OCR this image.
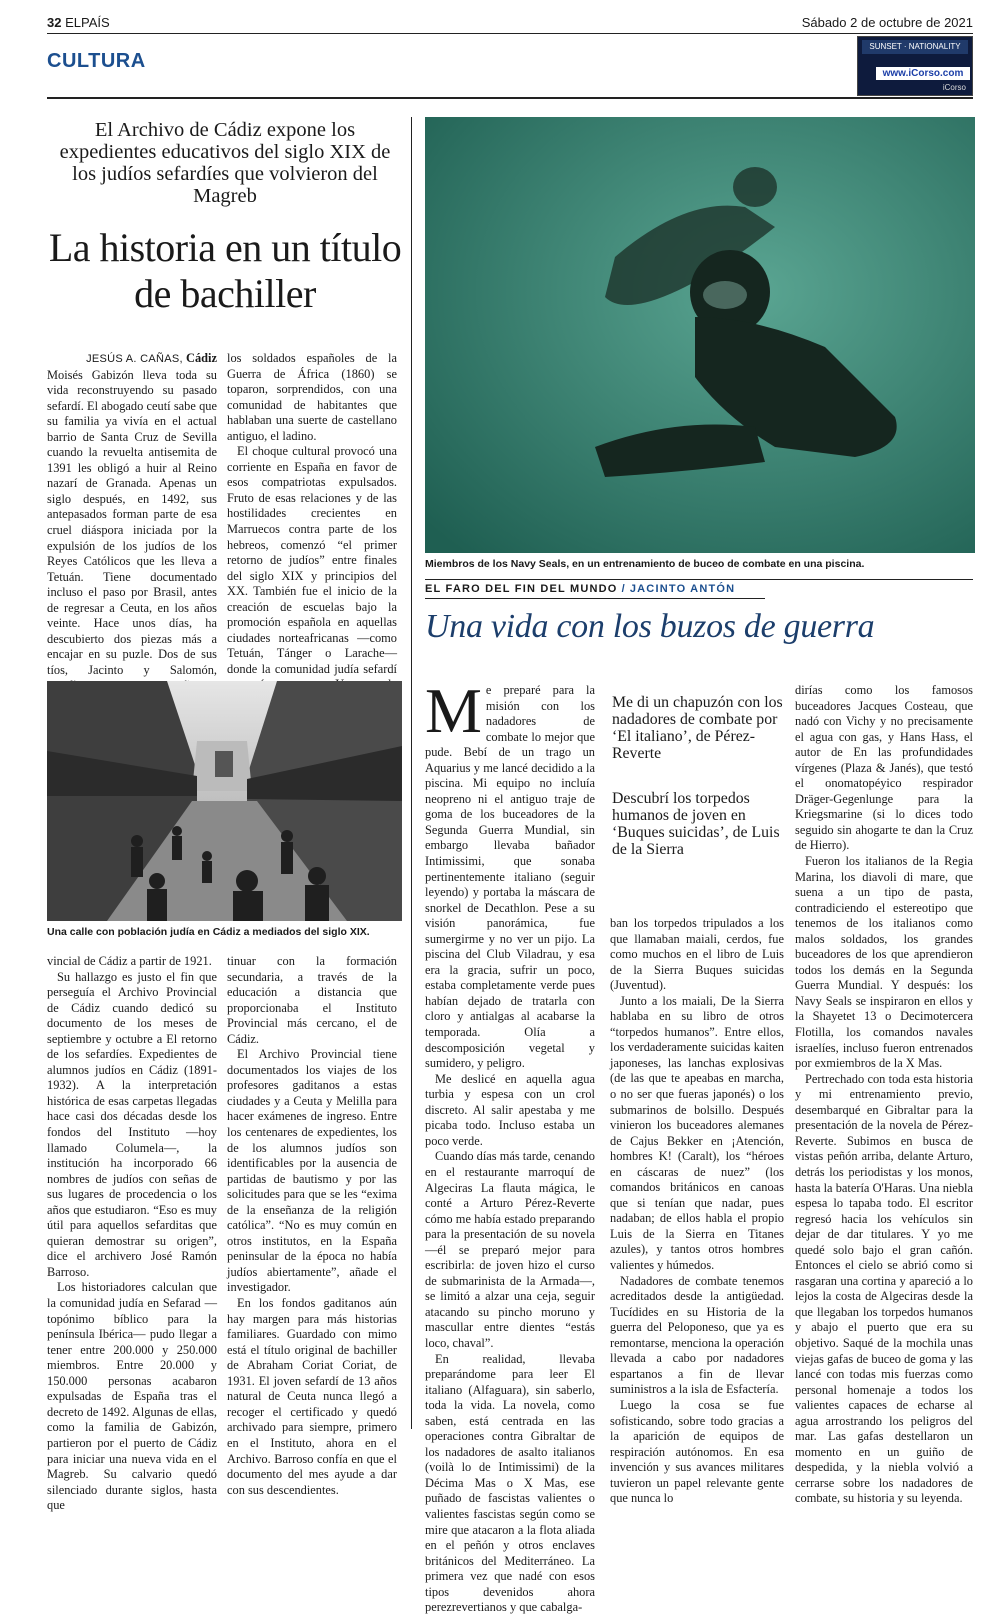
32 ELPAÍS	Sábado 2 de octubre de 2021
CULTURA
SUNSET · NATIONALITY
www.iCorso.com
iCorso
El Archivo de Cádiz expone los expedientes educativos del siglo XIX de los judíos sefardíes que volvieron del Magreb
La historia en un título de bachiller

JESÚS A. CAÑAS, Cádiz

Moisés Gabizón lleva toda su vida reconstruyendo su pasado sefardí. El abogado ceutí sabe que su familia ya vivía en el actual barrio de Santa Cruz de Sevilla cuando la revuelta antisemita de 1391 les obligó a huir al Reino nazarí de Granada. Apenas un siglo después, en 1492, sus antepasados forman parte de esa cruel diáspora iniciada por la expulsión de los judíos de los Reyes Católicos que les lleva a Tetuán. Tiene documentado incluso el paso por Brasil, antes de regresar a Ceuta, en los años veinte. Hace unos días, ha descubierto dos piezas más a encajar en su puzle. Dos de sus tíos, Jacinto y Salomón,

los soldados españoles de la Guerra de África (1860) se toparon, sorprendidos, con una comunidad de habitantes que hablaban una suerte de castellano antiguo, el ladino.

El choque cultural provocó una corriente en España en favor de esos compatriotas expulsados. Fruto de esas relaciones y de las hostilidades crecientes en Marruecos contra parte de los hebreos, comenzó “el primer retorno de judíos” entre finales del siglo XIX y principios del XX. También fue el inicio de la creación de escuelas bajo la promoción española en aquellas ciudades norteafricanas —como Tetuán, Tánger o Larache— donde la comunidad judía sefardí

Una calle con población judía en Cádiz a mediados del siglo XIX.

vincial de Cádiz a partir de 1921.

Su hallazgo es justo el fin que perseguía el Archivo Provincial de Cádiz cuando dedicó su documento de los meses de septiembre y octubre a El retorno de los sefardíes. Expedientes de alumnos judíos en Cádiz (1891-1932). A la interpretación histórica de esas carpetas llegadas hace casi dos décadas desde los fondos del Instituto —hoy llamado Columela—, la institución ha incorporado 66 nombres de judíos con señas de sus lugares de procedencia o los años que estudiaron. “Eso es muy útil para aquellos sefarditas que quieran demostrar su origen”, dice el archivero José Ramón Barroso.

Los historiadores calculan que la comunidad judía en Sefarad —topónimo bíblico para la península Ibérica— pudo llegar a tener entre 200.000 y 250.000 miembros. Entre 20.000 y 150.000 personas acabaron expulsadas de España tras el decreto de 1492. Algunas de ellas, como la familia de Gabizón, partieron por el puerto de Cádiz para iniciar una nueva vida en el Magreb. Su calvario quedó silenciado durante siglos, hasta que

tinuar con la formación secundaria, a través de la educación a distancia que proporcionaba el Instituto Provincial más cercano, el de Cádiz.

El Archivo Provincial tiene documentados los viajes de los profesores gaditanos a estas ciudades y a Ceuta y Melilla para hacer exámenes de ingreso. Entre los centenares de expedientes, los de los alumnos judíos son identificables por la ausencia de partidas de bautismo y por las solicitudes para que se les “exima de la enseñanza de la religión católica”. “No es muy común en otros institutos, en la España peninsular de la época no había judíos abiertamente”, añade el investigador.

En los fondos gaditanos aún hay margen para más historias familiares. Guardado con mimo está el título original de bachiller de Abraham Coriat Coriat, de 1931. El joven sefardí de 13 años natural de Ceuta nunca llegó a recoger el certificado y quedó archivado para siempre, primero en el Instituto, ahora en el Archivo. Barroso confía en que el documento del mes ayude a dar con sus descendientes.

Miembros de los Navy Seals, en un entrenamiento de buceo de combate en una piscina.
EL FARO DEL FIN DEL MUNDO / JACINTO ANTÓN
Una vida con los buzos de guerra

Me preparé para la misión con los nadadores de combate lo mejor que pude. Bebí de un trago un Aquarius y me lancé decidido a la piscina. Mi equipo no incluía neopreno ni el antiguo traje de goma de los buceadores de la Segunda Guerra Mundial, sin embargo llevaba bañador Intimissimi, que sonaba pertinentemente italiano (seguir leyendo) y portaba la máscara de snorkel de Decathlon. Pese a su visión panorámica, fue sumergirme y no ver un pijo. La piscina del Club Viladrau, y esa era la gracia, sufrir un poco, estaba completamente verde pues habían dejado de tratarla con cloro y antialgas al acabarse la temporada. Olía a descomposición vegetal y sumidero, y peligro.

Me deslicé en aquella agua turbia y espesa con un crol discreto. Al salir apestaba y me picaba todo. Incluso estaba un poco verde.

Cuando días más tarde, cenando en el restaurante marroquí de Algeciras La flauta mágica, le conté a Arturo Pérez-Reverte cómo me había estado preparando para la presentación de su novela —él se preparó mejor para escribirla: de joven hizo el curso de submarinista de la Armada—, se limitó a alzar una ceja, seguir atacando su pincho moruno y mascullar entre dientes “estás loco, chaval”.

En realidad, llevaba preparándome para leer El italiano (Alfaguara), sin saberlo, toda la vida. La novela, como saben, está centrada en las operaciones contra Gibraltar de los nadadores de asalto italianos (voilà lo de Intimissimi) de la Décima Mas o X Mas, ese puñado de fascistas valientes o valientes fascistas según como se mire que atacaron a la flota aliada en el peñón y otros enclaves británicos del Mediterráneo. La primera vez que nadé con esos tipos devenidos ahora perezrevertianos y que cabalga-

Me di un chapuzón con los nadadores de combate por ‘El italiano’, de Pérez-Reverte
Descubrí los torpedos humanos de joven en ‘Buques suicidas’, de Luis de la Sierra

ban los torpedos tripulados a los que llamaban maiali, cerdos, fue como muchos en el libro de Luis de la Sierra Buques suicidas (Juventud).

Junto a los maiali, De la Sierra hablaba en su libro de otros “torpedos humanos”. Entre ellos, los verdaderamente suicidas kaiten japoneses, las lanchas explosivas (de las que te apeabas en marcha, o no ser que fueras japonés) o los submarinos de bolsillo. Después vinieron los buceadores alemanes de Cajus Bekker en ¡Atención, hombres K! (Caralt), los “héroes en cáscaras de nuez” (los comandos británicos en canoas que si tenían que nadar, pues nadaban; de ellos habla el propio Luis de la Sierra en Titanes azules), y tantos otros hombres valientes y húmedos.

Nadadores de combate tenemos acreditados desde la antigüedad. Tucídides en su Historia de la guerra del Peloponeso, que ya es remontarse, menciona la operación llevada a cabo por nadadores espartanos a fin de llevar suministros a la isla de Esfactería.

Luego la cosa se fue sofisticando, sobre todo gracias a la aparición de equipos de respiración autónomos. En esa invención y sus avances militares tuvieron un papel relevante gente que nunca lo

dirías como los famosos buceadores Jacques Costeau, que nadó con Vichy y no precisamente el agua con gas, y Hans Hass, el autor de En las profundidades vírgenes (Plaza & Janés), que testó el onomatopéyico respirador Dräger-Gegenlunge para la Kriegsmarine (si lo dices todo seguido sin ahogarte te dan la Cruz de Hierro).

Fueron los italianos de la Regia Marina, los diavoli di mare, que suena a un tipo de pasta, contradiciendo el estereotipo que tenemos de los italianos como malos soldados, los grandes buceadores de los que aprendieron todos los demás en la Segunda Guerra Mundial. Y después: los Navy Seals se inspiraron en ellos y la Shayetet 13 o Decimotercera Flotilla, los comandos navales israelíes, incluso fueron entrenados por exmiembros de la X Mas.

Pertrechado con toda esta historia y mi entrenamiento previo, desembarqué en Gibraltar para la presentación de la novela de Pérez-Reverte. Subimos en busca de vistas peñón arriba, delante Arturo, detrás los periodistas y los monos, hasta la batería O'Haras. Una niebla espesa lo tapaba todo. El escritor regresó hacia los vehículos sin dejar de dar titulares. Y yo me quedé solo bajo el gran cañón. Entonces el cielo se abrió como si rasgaran una cortina y apareció a lo lejos la costa de Algeciras desde la que llegaban los torpedos humanos y abajo el puerto que era su objetivo. Saqué de la mochila unas viejas gafas de buceo de goma y las lancé con todas mis fuerzas como personal homenaje a todos los valientes capaces de echarse al agua arrostrando los peligros del mar. Las gafas destellaron un momento en un guiño de despedida, y la niebla volvió a cerrarse sobre los nadadores de combate, su historia y su leyenda.
